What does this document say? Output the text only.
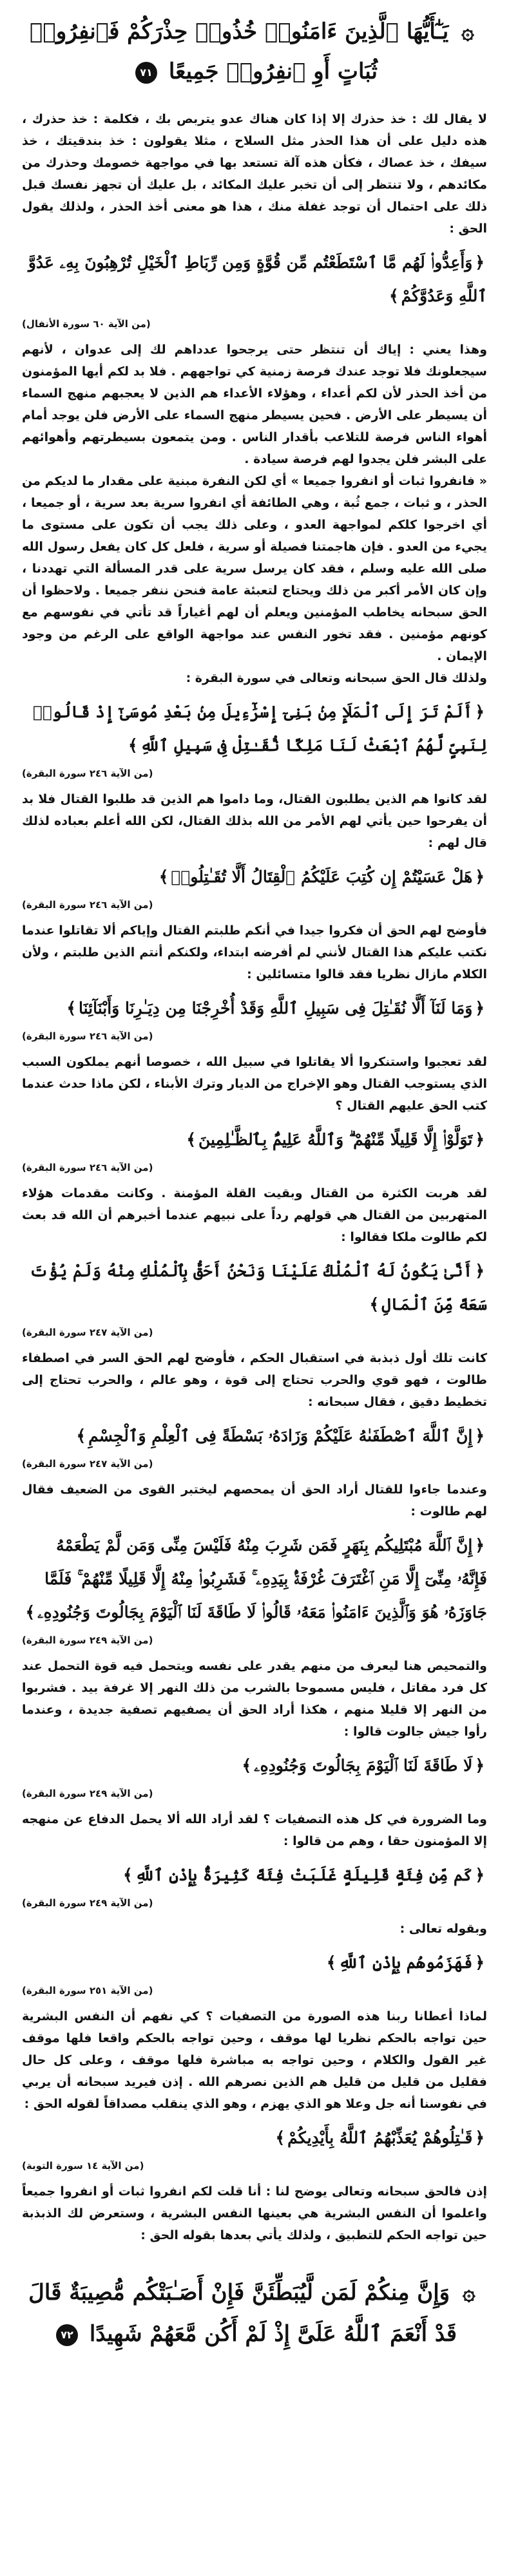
۞ يَـٰٓأَيُّهَا ٱلَّذِينَ ءَامَنُوا۟ خُذُوا۟ حِذْرَكُمْ فَٱنفِرُوا۟
ثُبَاتٍ أَوِ ٱنفِرُوا۟ جَمِيعًا ٧١

لا يقال لك : خذ حذرك إلا إذا كان هناك عدو يتربص بك ، فكلمة : خذ حذرك ، هذه دليل على أن هذا الحذر مثل السلاح ، مثلا يقولون : خذ بندقيتك ، خذ سيفك ، خذ عصاك ، فكأن هذه آلة تستعد بها في مواجهة خصومك وحذرك من مكائدهم ، ولا تنتظر إلى أن تخبر عليك المكائد ، بل عليك أن تجهز نفسك قبل ذلك على احتمال أن توجد غفلة منك ، هذا هو معنى أخذ الحذر ، ولذلك يقول الحق :

﴿وَأَعِدُّوا۟ لَهُم مَّا ٱسْتَطَعْتُم مِّن قُوَّةٍ وَمِن رِّبَاطِ ٱلْخَيْلِ تُرْهِبُونَ بِهِۦ عَدُوَّ ٱللَّهِ وَعَدُوَّكُمْ﴾
(من الآية ٦٠ سورة الأنفال)

وهذا يعني : إياك أن تنتظر حتى يرجحوا عدداهم لك إلى عدوان ، لأنهم سيجعلونك فلا توجد عندك فرصة زمنية كي تواجههم . فلا بد لكم أيها المؤمنون من أخذ الحذر لأن لكم أعداء ، وهؤلاء الأعداء هم الذين لا يعجبهم منهج السماء أن يسيطر على الأرض . فحين يسيطر منهج السماء على الأرض فلن يوجد أمام أهواء الناس فرصة للتلاعب بأقدار الناس . ومن يتمعون بسيطرتهم وأهوائهم على البشر فلن يجدوا لهم فرصة سيادة .

« فانفروا ثبات أو انفروا جميعا » أي لكن النفرة مبنية على مقدار ما لديكم من الحذر ، و ثبات ، جمع ثُبة ، وهي الطائفة أي انفروا سرية بعد سرية ، أو جميعا ، أي اخرجوا كلكم لمواجهة العدو ، وعلى ذلك يجب أن تكون على مستوى ما يجيء من العدو . فإن هاجمتنا فصيلة أو سرية ، فلعل كل كان يفعل رسول الله صلى الله عليه وسلم ، فقد كان يرسل سرية على قدر المسألة التي تهددنا ، وإن كان الأمر أكبر من ذلك ويحتاج لتعبئة عامة فنحن ننفر جميعا . ولاحظوا أن الحق سبحانه يخاطب المؤمنين ويعلم أن لهم أغياراً قد تأتي في نفوسهم مع كونهم مؤمنين . فقد تخور النفس عند مواجهة الواقع على الرغم من وجود الإيمان .

ولذلك قال الحق سبحانه وتعالى في سورة البقرة :

﴿أَلَمْ تَرَ إِلَى ٱلْمَلَإِ مِنۢ بَنِىٓ إِسْرَٰٓءِيلَ مِنۢ بَعْدِ مُوسَىٰٓ إِذْ قَالُوا۟ لِنَبِىٍّ لَّهُمُ ٱبْعَثْ لَنَا مَلِكًا نُّقَـٰتِلْ فِى سَبِيلِ ٱللَّهِ﴾
(من الآية ٢٤٦ سورة البقرة)

لقد كانوا هم الذين يطلبون القتال، وما داموا هم الذين قد طلبوا القتال فلا بد أن يفرحوا حين يأتي لهم الأمر من الله بذلك القتال، لكن الله أعلم بعباده لذلك قال لهم :

﴿هَلْ عَسَيْتُمْ إِن كُتِبَ عَلَيْكُمُ ٱلْقِتَالُ أَلَّا تُقَـٰتِلُوا۟﴾
(من الآية ٢٤٦ سورة البقرة)

فأوضح لهم الحق أن فكروا جيدا في أنكم طلبتم القتال وإياكم ألا تقاتلوا عندما نكتب عليكم هذا القتال لأنني لم أفرضه ابتداء، ولكنكم أنتم الذين طلبتم ، ولأن الكلام مازال نظريا فقد قالوا متسائلين :

﴿وَمَا لَنَآ أَلَّا نُقَـٰتِلَ فِى سَبِيلِ ٱللَّهِ وَقَدْ أُخْرِجْنَا مِن دِيَـٰرِنَا وَأَبْنَآئِنَا﴾
(من الآية ٢٤٦ سورة البقرة)

لقد تعجبوا واستنكروا ألا يقاتلوا في سبيل الله ، خصوصا أنهم يملكون السبب الذي يستوجب القتال وهو الإخراج من الديار وترك الأبناء ، لكن ماذا حدث عندما كتب الحق عليهم القتال ؟

﴿تَوَلَّوْا۟ إِلَّا قَلِيلًا مِّنْهُمْ ۗ وَٱللَّهُ عَلِيمٌۢ بِٱلظَّـٰلِمِينَ﴾
(من الآية ٢٤٦ سورة البقرة)

لقد هربت الكثرة من القتال وبقيت القلة المؤمنة . وكانت مقدمات هؤلاء المتهربين من القتال هي قولهم رداً على نبيهم عندما أخبرهم أن الله قد بعث لكم طالوت ملكا فقالوا :

﴿أَنَّىٰ يَكُونُ لَهُ ٱلْمُلْكُ عَلَيْنَا وَنَحْنُ أَحَقُّ بِٱلْمُلْكِ مِنْهُ وَلَمْ يُؤْتَ سَعَةً مِّنَ ٱلْمَالِ﴾
(من الآية ٢٤٧ سورة البقرة)

كانت تلك أول ذبذبة في استقبال الحكم ، فأوضح لهم الحق السر في اصطفاء طالوت ، فهو قوي والحرب تحتاج إلى قوة ، وهو عالم ، والحرب تحتاج إلى تخطيط دقيق ، فقال سبحانه :

﴿إِنَّ ٱللَّهَ ٱصْطَفَىٰهُ عَلَيْكُمْ وَزَادَهُۥ بَسْطَةً فِى ٱلْعِلْمِ وَٱلْجِسْمِ﴾
(من الآية ٢٤٧ سورة البقرة)

وعندما جاءوا للقتال أراد الحق أن يمحصهم ليختبر القوى من الضعيف فقال لهم طالوت :

﴿إِنَّ ٱللَّهَ مُبْتَلِيكُم بِنَهَرٍ فَمَن شَرِبَ مِنْهُ فَلَيْسَ مِنِّى وَمَن لَّمْ يَطْعَمْهُ فَإِنَّهُۥ مِنِّىٓ إِلَّا مَنِ ٱغْتَرَفَ غُرْفَةًۢ بِيَدِهِۦ ۚ فَشَرِبُوا۟ مِنْهُ إِلَّا قَلِيلًا مِّنْهُمْ ۚ فَلَمَّا جَاوَزَهُۥ هُوَ وَٱلَّذِينَ ءَامَنُوا۟ مَعَهُۥ قَالُوا۟ لَا طَاقَةَ لَنَا ٱلْيَوْمَ بِجَالُوتَ وَجُنُودِهِۦ﴾
(من الآية ٢٤٩ سورة البقرة)

والتمحيص هنا ليعرف من منهم يقدر على نفسه ويتحمل فيه قوة التحمل عند كل فرد مقاتل ، فليس مسموحا بالشرب من ذلك النهر إلا غرفة بيد . فشربوا من النهر إلا قليلا منهم ، هكذا أراد الحق أن يصفيهم تصفية جديدة ، وعندما رأوا جيش جالوت قالوا :

﴿لَا طَاقَةَ لَنَا ٱلْيَوْمَ بِجَالُوتَ وَجُنُودِهِۦ﴾
(من الآية ٢٤٩ سورة البقرة)

وما الضرورة في كل هذه التصفيات ؟ لقد أراد الله ألا يحمل الدفاع عن منهجه إلا المؤمنون حقا ، وهم من قالوا :

﴿كَم مِّن فِئَةٍ قَلِيلَةٍ غَلَبَتْ فِئَةً كَثِيرَةًۢ بِإِذْنِ ٱللَّهِ﴾
(من الآية ٢٤٩ سورة البقرة)

وبقوله تعالى :

﴿فَهَزَمُوهُم بِإِذْنِ ٱللَّهِ﴾
(من الآية ٢٥١ سورة البقرة)

لماذا أعطانا ربنا هذه الصورة من التصفيات ؟ كي نفهم أن النفس البشرية حين تواجه بالحكم نظريا لها موقف ، وحين تواجه بالحكم واقعا فلها موقف غير القول والكلام ، وحين تواجه به مباشرة فلها موقف ، وعلى كل حال فقليل من قليل من قليل هم الذين نصرهم الله . إذن فيريد سبحانه أن يربي في نفوسنا أنه جل وعلا هو الذي يهزم ، وهو الذي ينقلب مصداقاً لقوله الحق :

﴿قَـٰتِلُوهُمْ يُعَذِّبْهُمُ ٱللَّهُ بِأَيْدِيكُمْ﴾
(من الآية ١٤ سورة التوبة)

إذن فالحق سبحانه وتعالى يوضح لنا : أنا قلت لكم انفروا ثبات أو انفروا جميعاً واعلموا أن النفس البشرية هي بعينها النفس البشرية ، وستعرض لك الذبذبة حين تواجه الحكم للتطبيق ، ولذلك يأتي بعدها بقوله الحق :

۞ وَإِنَّ مِنكُمْ لَمَن لَّيُبَطِّئَنَّ فَإِنْ أَصَـٰبَتْكُم مُّصِيبَةٌ قَالَ
قَدْ أَنْعَمَ ٱللَّهُ عَلَىَّ إِذْ لَمْ أَكُن مَّعَهُمْ شَهِيدًا ٧٢
